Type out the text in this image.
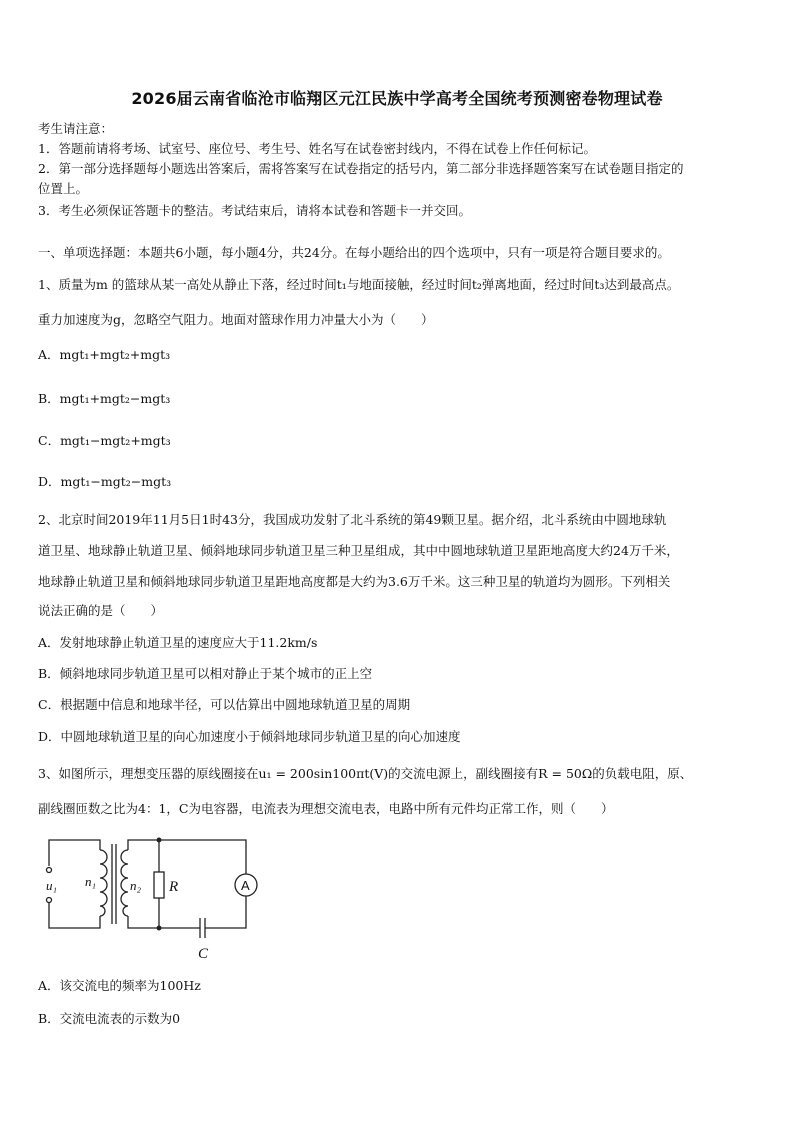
2026届云南省临沧市临翔区元江民族中学高考全国统考预测密卷物理试卷
考生请注意：
1．答题前请将考场、试室号、座位号、考生号、姓名写在试卷密封线内，不得在试卷上作任何标记。
2．第一部分选择题每小题选出答案后，需将答案写在试卷指定的括号内，第二部分非选择题答案写在试卷题目指定的
位置上。
3．考生必须保证答题卡的整洁。考试结束后，请将本试卷和答题卡一并交回。
一、单项选择题：本题共6小题，每小题4分，共24分。在每小题给出的四个选项中，只有一项是符合题目要求的。
1、质量为m 的篮球从某一高处从静止下落，经过时间t₁与地面接触，经过时间t₂弹离地面，经过时间t₃达到最高点。
重力加速度为g，忽略空气阻力。地面对篮球作用力冲量大小为（　　）
A．mgt₁+mgt₂+mgt₃
B．mgt₁+mgt₂−mgt₃
C．mgt₁−mgt₂+mgt₃
D．mgt₁−mgt₂−mgt₃
2、北京时间2019年11月5日1时43分，我国成功发射了北斗系统的第49颗卫星。据介绍，北斗系统由中圆地球轨
道卫星、地球静止轨道卫星、倾斜地球同步轨道卫星三种卫星组成，其中中圆地球轨道卫星距地高度大约24万千米，
地球静止轨道卫星和倾斜地球同步轨道卫星距地高度都是大约为3.6万千米。这三种卫星的轨道均为圆形。下列相关
说法正确的是（　　）
A．发射地球静止轨道卫星的速度应大于11.2km/s
B．倾斜地球同步轨道卫星可以相对静止于某个城市的正上空
C．根据题中信息和地球半径，可以估算出中圆地球轨道卫星的周期
D．中圆地球轨道卫星的向心加速度小于倾斜地球同步轨道卫星的向心加速度
3、如图所示，理想变压器的原线圈接在u₁ = 200sin100πt(V)的交流电源上，副线圈接有R = 50Ω的负载电阻，原、
副线圈匝数之比为4：1，C为电容器，电流表为理想交流电表，电路中所有元件均正常工作，则（　　）
u₁ n₁	n₂ R
C
A
A．该交流电的频率为100Hz
B．交流电流表的示数为0
